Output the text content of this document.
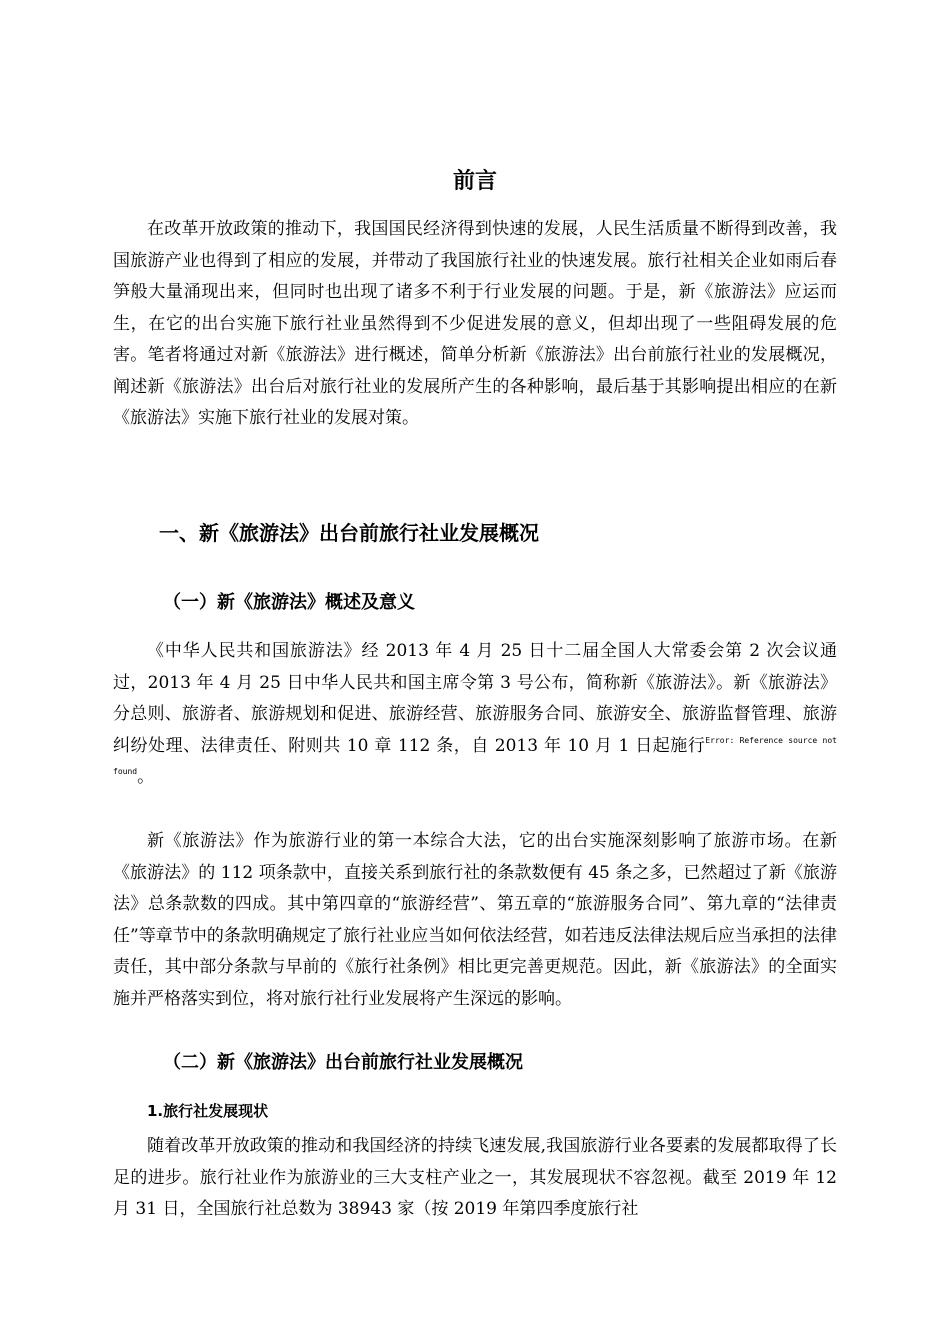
前言

在改革开放政策的推动下，我国国民经济得到快速的发展，人民生活质量不断得到改善，我国旅游产业也得到了相应的发展，并带动了我国旅行社业的快速发展。旅行社相关企业如雨后春笋般大量涌现出来，但同时也出现了诸多不利于行业发展的问题。于是，新《旅游法》应运而生，在它的出台实施下旅行社业虽然得到不少促进发展的意义，但却出现了一些阻碍发展的危害。笔者将通过对新《旅游法》进行概述，简单分析新《旅游法》出台前旅行社业的发展概况，阐述新《旅游法》出台后对旅行社业的发展所产生的各种影响，最后基于其影响提出相应的在新《旅游法》实施下旅行社业的发展对策。

一、新《旅游法》出台前旅行社业发展概况
（一）新《旅游法》概述及意义

《中华人民共和国旅游法》经 2013 年 4 月 25 日十二届全国人大常委会第 2 次会议通过，2013 年 4 月 25 日中华人民共和国主席令第 3 号公布，简称新《旅游法》。新《旅游法》分总则、旅游者、旅游规划和促进、旅游经营、旅游服务合同、旅游安全、旅游监督管理、旅游纠纷处理、法律责任、附则共 10 章 112 条，自 2013 年 10 月 1 日起施行$^{Error: Reference source not found}$。

新《旅游法》作为旅游行业的第一本综合大法，它的出台实施深刻影响了旅游市场。在新《旅游法》的 112 项条款中，直接关系到旅行社的条款数便有 45 条之多，已然超过了新《旅游法》总条款数的四成。其中第四章的“旅游经营”、第五章的“旅游服务合同”、第九章的“法律责任”等章节中的条款明确规定了旅行社业应当如何依法经营，如若违反法律法规后应当承担的法律责任，其中部分条款与早前的《旅行社条例》相比更完善更规范。因此，新《旅游法》的全面实施并严格落实到位，将对旅行社行业发展将产生深远的影响。

（二）新《旅游法》出台前旅行社业发展概况
1.旅行社发展现状

随着改革开放政策的推动和我国经济的持续飞速发展,我国旅游行业各要素的发展都取得了长足的进步。旅行社业作为旅游业的三大支柱产业之一，其发展现状不容忽视。截至 2019 年 12 月 31 日，全国旅行社总数为 38943 家（按 2019 年第四季度旅行社
